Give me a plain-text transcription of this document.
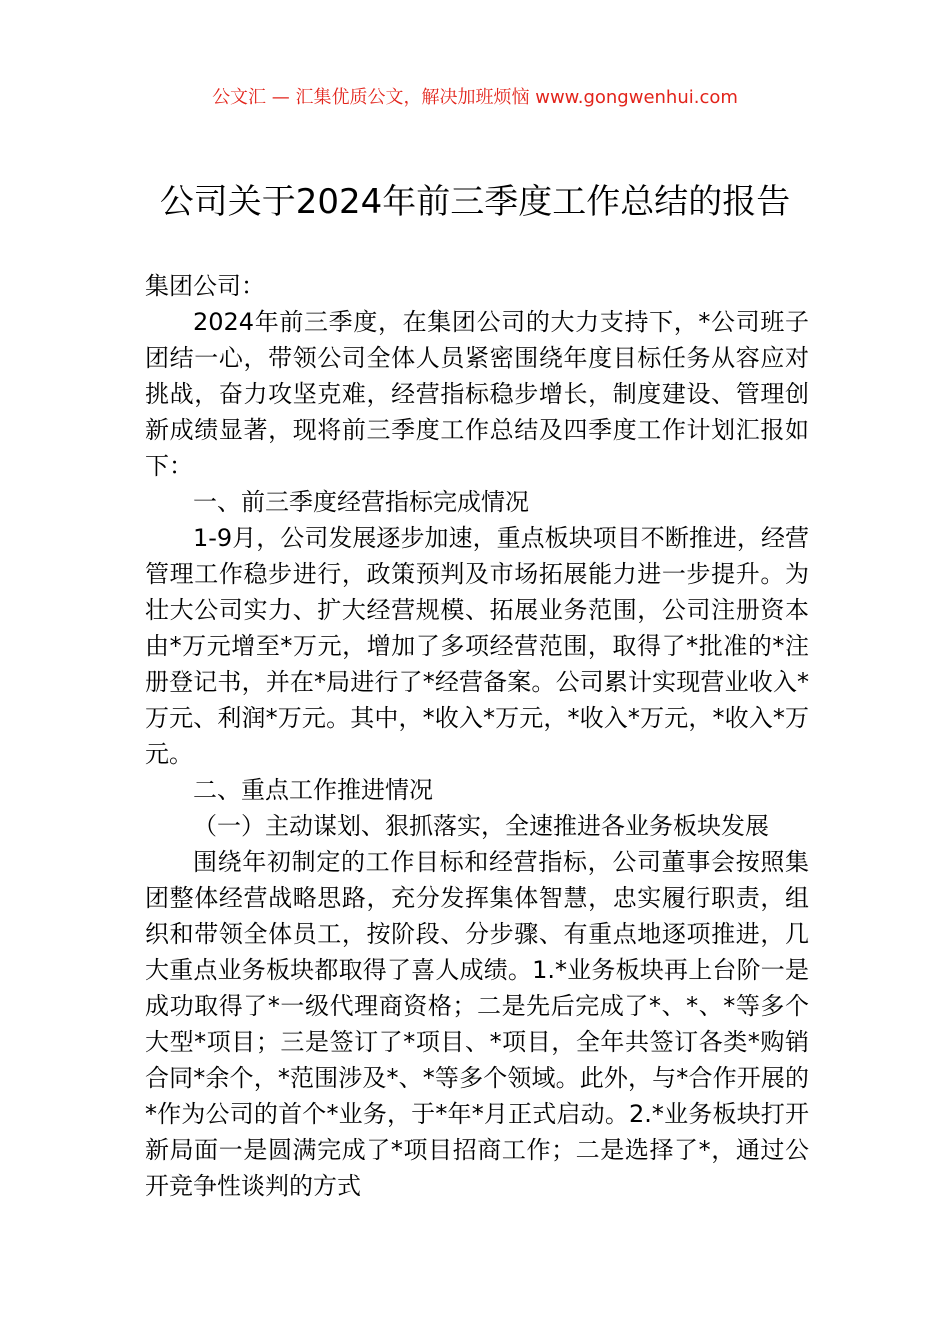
公文汇 — 汇集优质公文，解决加班烦恼 www.gongwenhui.com
公司关于2024年前三季度工作总结的报告

集团公司：

2024年前三季度，在集团公司的大力支持下，*公司班子团结一心，带领公司全体人员紧密围绕年度目标任务从容应对挑战，奋力攻坚克难，经营指标稳步增长，制度建设、管理创新成绩显著，现将前三季度工作总结及四季度工作计划汇报如下：

一、前三季度经营指标完成情况

1-9月，公司发展逐步加速，重点板块项目不断推进，经营管理工作稳步进行，政策预判及市场拓展能力进一步提升。为壮大公司实力、扩大经营规模、拓展业务范围，公司注册资本由*万元增至*万元，增加了多项经营范围，取得了*批准的*注册登记书，并在*局进行了*经营备案。公司累计实现营业收入*万元、利润*万元。其中，*收入*万元，*收入*万元，*收入*万元。

二、重点工作推进情况

（一）主动谋划、狠抓落实，全速推进各业务板块发展

围绕年初制定的工作目标和经营指标，公司董事会按照集团整体经营战略思路，充分发挥集体智慧，忠实履行职责，组织和带领全体员工，按阶段、分步骤、有重点地逐项推进，几大重点业务板块都取得了喜人成绩。1.*业务板块再上台阶一是成功取得了*一级代理商资格；二是先后完成了*、*、*等多个大型*项目；三是签订了*项目、*项目，全年共签订各类*购销合同*余个，*范围涉及*、*等多个领域。此外，与*合作开展的*作为公司的首个*业务，于*年*月正式启动。2.*业务板块打开新局面一是圆满完成了*项目招商工作；二是选择了*，通过公开竞争性谈判的方式
